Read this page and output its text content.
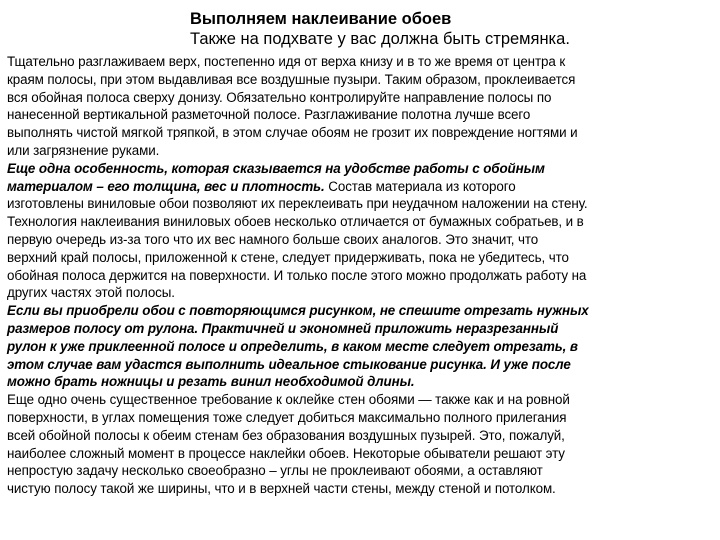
Выполняем наклеивание обоев
Также на подхвате у вас должна быть стремянка.
Тщательно разглаживаем верх, постепенно идя от верха книзу и в то же время от центра к
краям полосы, при этом выдавливая все воздушные пузыри. Таким образом, проклеивается
вся обойная полоса сверху донизу. Обязательно контролируйте направление полосы по
нанесенной вертикальной разметочной полосе. Разглаживание полотна лучше всего
выполнять чистой мягкой тряпкой, в этом случае обоям не грозит их повреждение ногтями и
или загрязнение руками.
Еще одна особенность, которая сказывается на удобстве работы с обойным
материалом – его толщина, вес и плотность. Состав материала из которого
изготовлены виниловые обои позволяют их переклеивать при неудачном наложении на стену.
Технология наклеивания виниловых обоев несколько отличается от бумажных собратьев, и в
первую очередь из-за того что их вес намного больше своих аналогов. Это значит, что
верхний край полосы, приложенной к стене, следует придерживать, пока не убедитесь, что
обойная полоса держится на поверхности. И только после этого можно продолжать работу на
других частях этой полосы.
Если вы приобрели обои с повторяющимся рисунком, не спешите отрезать нужных
размеров полосу от рулона. Практичней и экономней приложить неразрезанный
рулон к уже приклеенной полосе и определить, в каком месте следует отрезать, в
этом случае вам удастся выполнить идеальное стыкование рисунка. И уже после
можно брать ножницы и резать винил необходимой длины.
Еще одно очень существенное требование к оклейке стен обоями — также как и на ровной
поверхности, в углах помещения тоже следует добиться максимально полного прилегания
всей обойной полосы к обеим стенам без образования воздушных пузырей. Это, пожалуй,
наиболее сложный момент в процессе наклейки обоев. Некоторые обыватели решают эту
непростую задачу несколько своеобразно – углы не проклеивают обоями, а оставляют
чистую полосу такой же ширины, что и в верхней части стены, между стеной и потолком.
